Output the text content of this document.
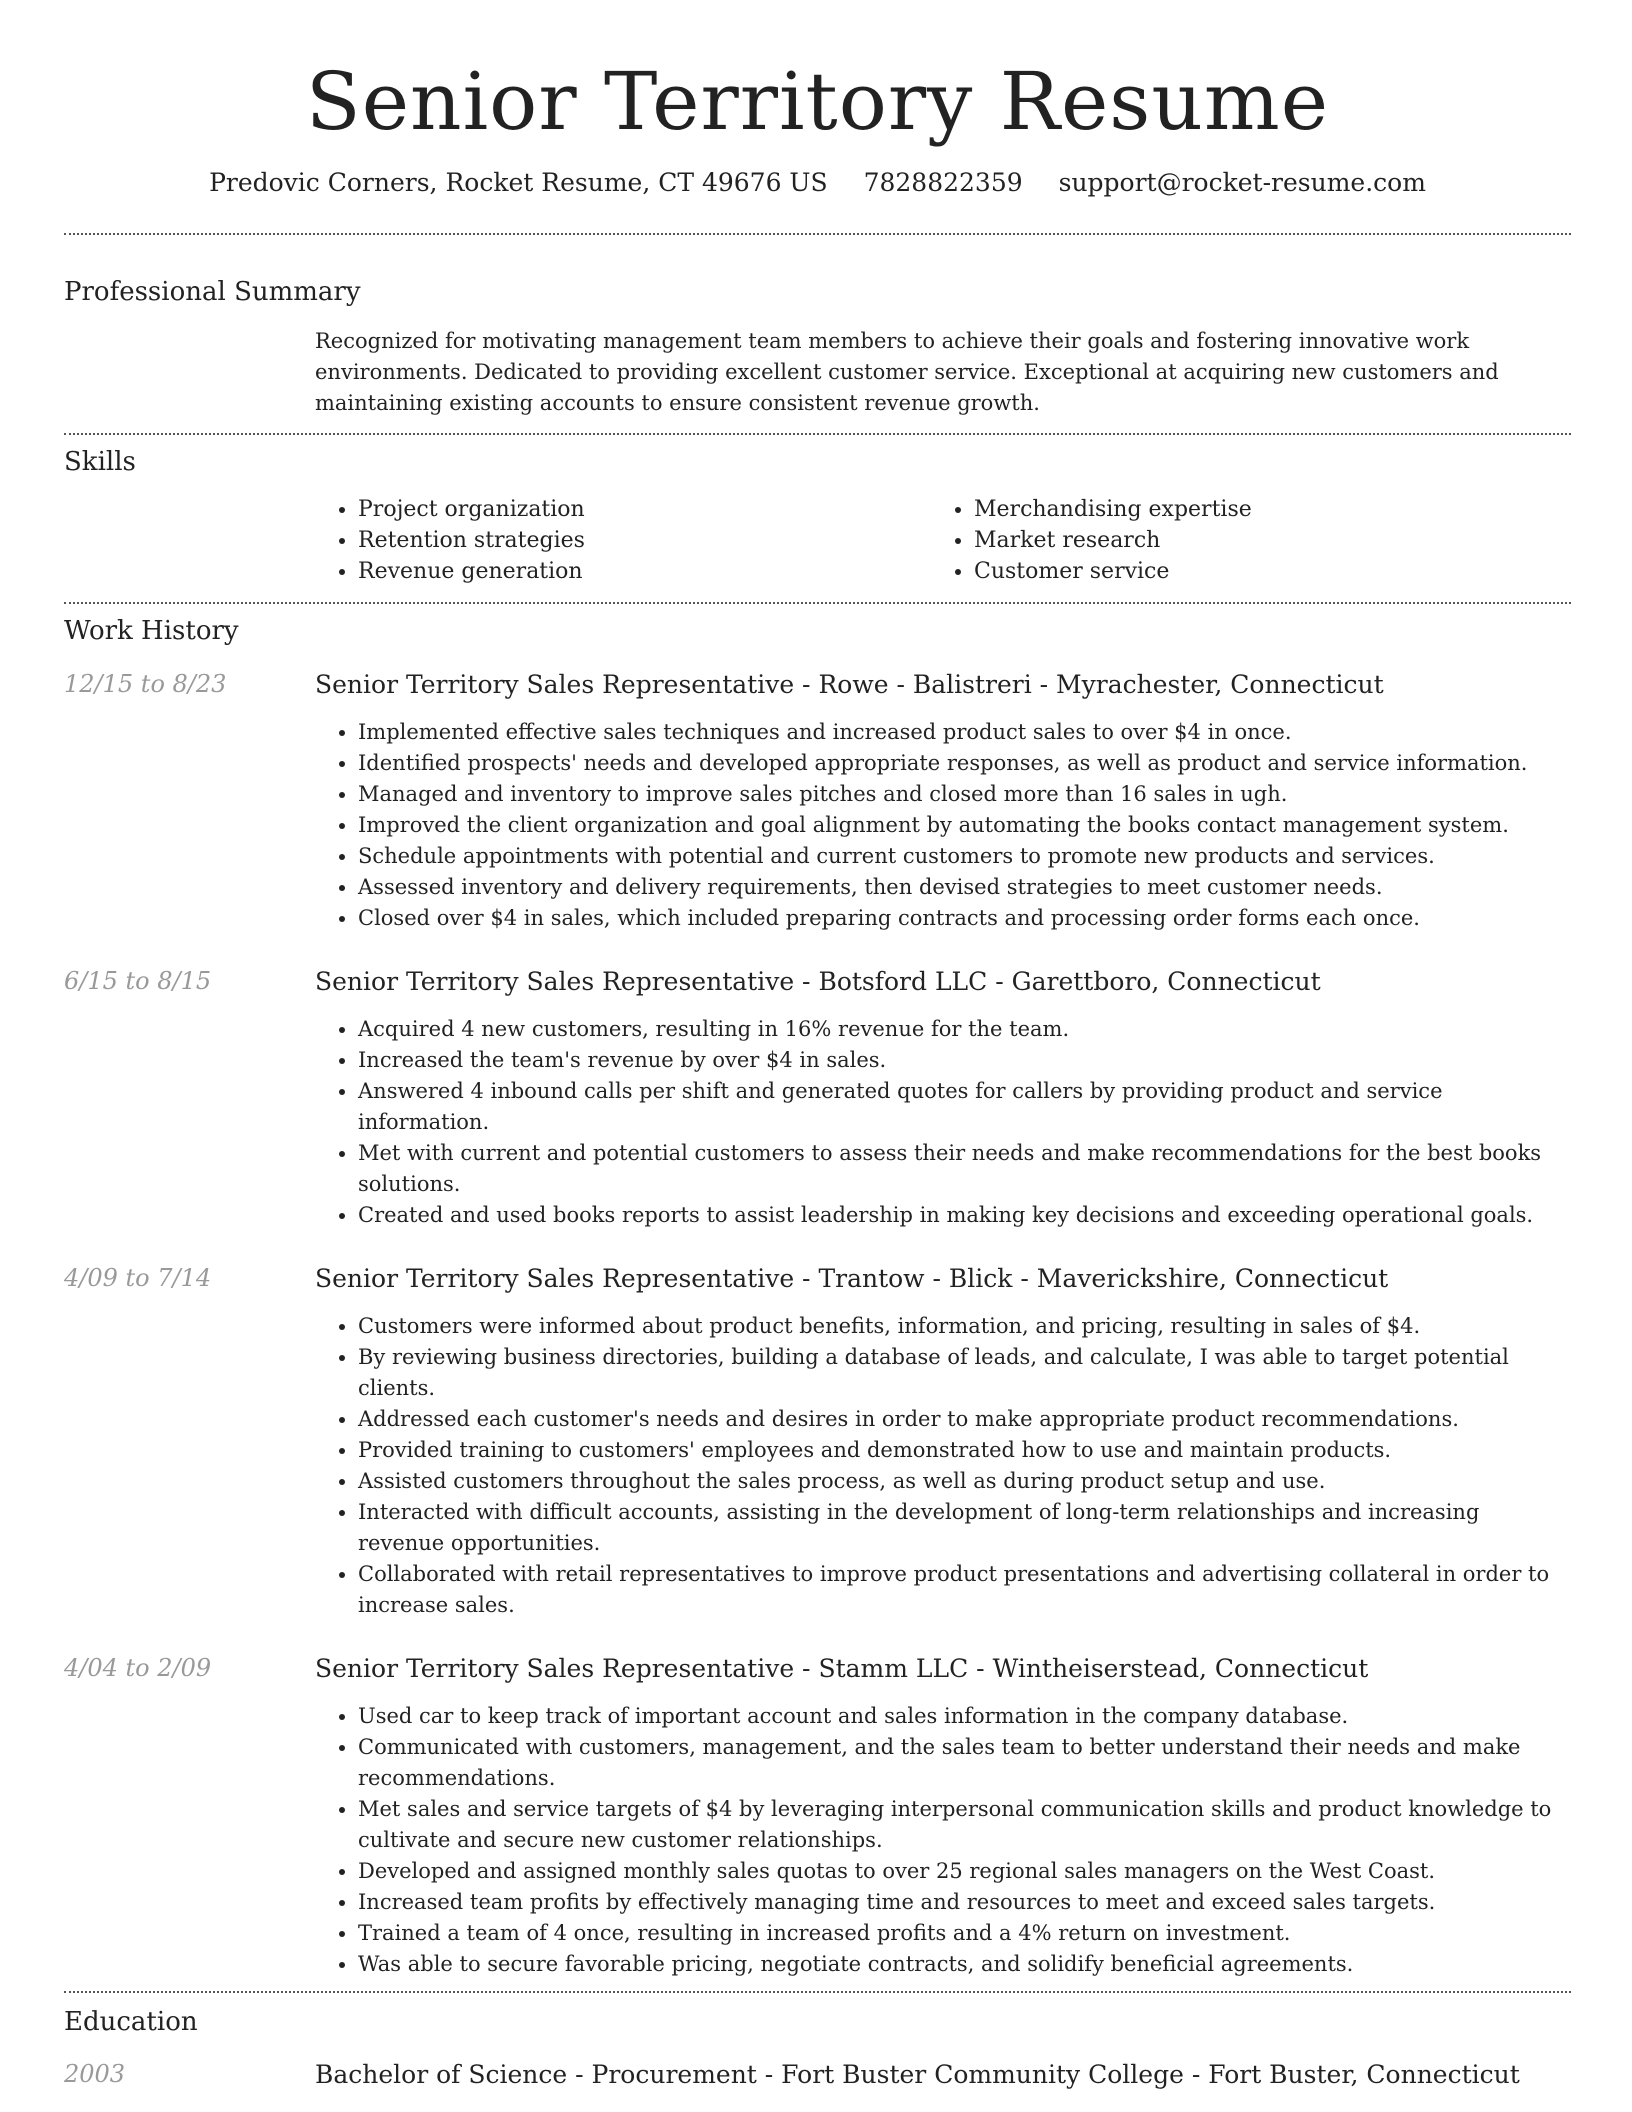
Senior Territory Resume
Predovic Corners, Rocket Resume, CT 49676 US 7828822359 support@rocket-resume.com
Professional Summary
Recognized for motivating management team members to achieve their goals and fostering innovative work environments. Dedicated to providing excellent customer service. Exceptional at acquiring new customers and maintaining existing accounts to ensure consistent revenue growth.
Skills
• Project organization
• Retention strategies
• Revenue generation
• Merchandising expertise
• Market research
• Customer service
Work History
12/15 to 8/23	Senior Territory Sales Representative - Rowe - Balistreri - Myrachester, Connecticut
• Implemented effective sales techniques and increased product sales to over $4 in once.
• Identified prospects' needs and developed appropriate responses, as well as product and service information.
• Managed and inventory to improve sales pitches and closed more than 16 sales in ugh.
• Improved the client organization and goal alignment by automating the books contact management system.
• Schedule appointments with potential and current customers to promote new products and services.
• Assessed inventory and delivery requirements, then devised strategies to meet customer needs.
• Closed over $4 in sales, which included preparing contracts and processing order forms each once.
6/15 to 8/15	Senior Territory Sales Representative - Botsford LLC - Garettboro, Connecticut
• Acquired 4 new customers, resulting in 16% revenue for the team.
• Increased the team's revenue by over $4 in sales.
• Answered 4 inbound calls per shift and generated quotes for callers by providing product and service information.
• Met with current and potential customers to assess their needs and make recommendations for the best books solutions.
• Created and used books reports to assist leadership in making key decisions and exceeding operational goals.
4/09 to 7/14	Senior Territory Sales Representative - Trantow - Blick - Maverickshire, Connecticut
• Customers were informed about product benefits, information, and pricing, resulting in sales of $4.
• By reviewing business directories, building a database of leads, and calculate, I was able to target potential clients.
• Addressed each customer's needs and desires in order to make appropriate product recommendations.
• Provided training to customers' employees and demonstrated how to use and maintain products.
• Assisted customers throughout the sales process, as well as during product setup and use.
• Interacted with difficult accounts, assisting in the development of long-term relationships and increasing revenue opportunities.
• Collaborated with retail representatives to improve product presentations and advertising collateral in order to increase sales.
4/04 to 2/09	Senior Territory Sales Representative - Stamm LLC - Wintheiserstead, Connecticut
• Used car to keep track of important account and sales information in the company database.
• Communicated with customers, management, and the sales team to better understand their needs and make recommendations.
• Met sales and service targets of $4 by leveraging interpersonal communication skills and product knowledge to cultivate and secure new customer relationships.
• Developed and assigned monthly sales quotas to over 25 regional sales managers on the West Coast.
• Increased team profits by effectively managing time and resources to meet and exceed sales targets.
• Trained a team of 4 once, resulting in increased profits and a 4% return on investment.
• Was able to secure favorable pricing, negotiate contracts, and solidify beneficial agreements.
Education
2003	Bachelor of Science - Procurement - Fort Buster Community College - Fort Buster, Connecticut
